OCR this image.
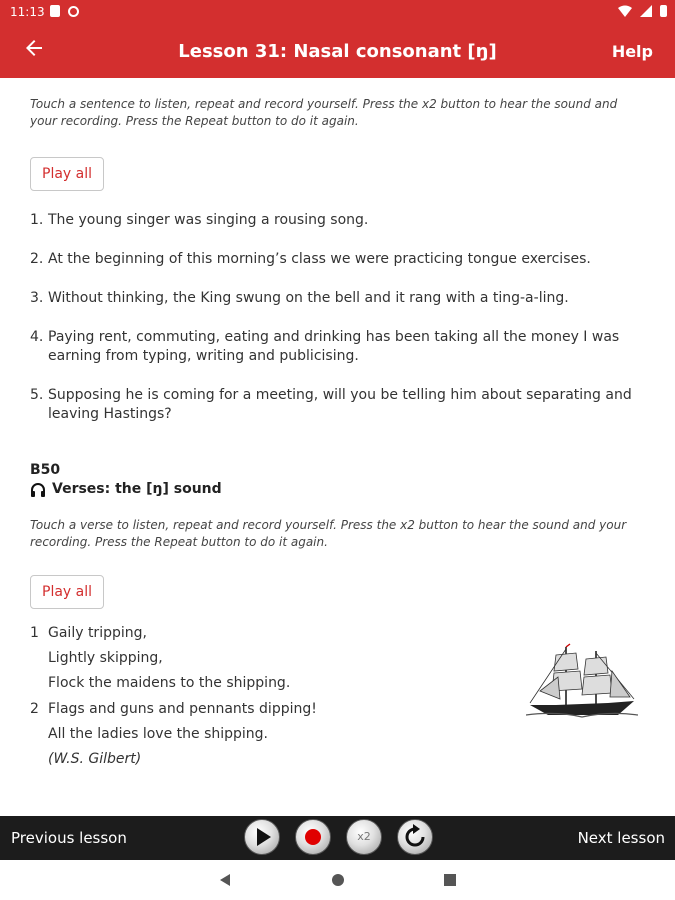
11:13
Lesson 31: Nasal consonant [ŋ]	Help

Touch a sentence to listen, repeat and record yourself. Press the x2 button to hear the sound and your recording. Press the Repeat button to do it again.

Play all
1. The young singer was singing a rousing song.
2. At the beginning of this morning’s class we were practicing tongue exercises.
3. Without thinking, the King swung on the bell and it rang with a ting-a-ling.
4. Paying rent, commuting, eating and drinking has been taking all the money I was earning from typing, writing and publicising.
5. Supposing he is coming for a meeting, will you be telling him about separating and leaving Hastings?
B50
Verses: the [ŋ] sound

Touch a verse to listen, repeat and record yourself. Press the x2 button to hear the sound and your recording. Press the Repeat button to do it again.

Play all
1 Gaily tripping,
Lightly skipping,
Flock the maidens to the shipping.
2 Flags and guns and pennants dipping!
All the ladies love the shipping.
(W.S. Gilbert)
Previous lesson	x2	Next lesson
